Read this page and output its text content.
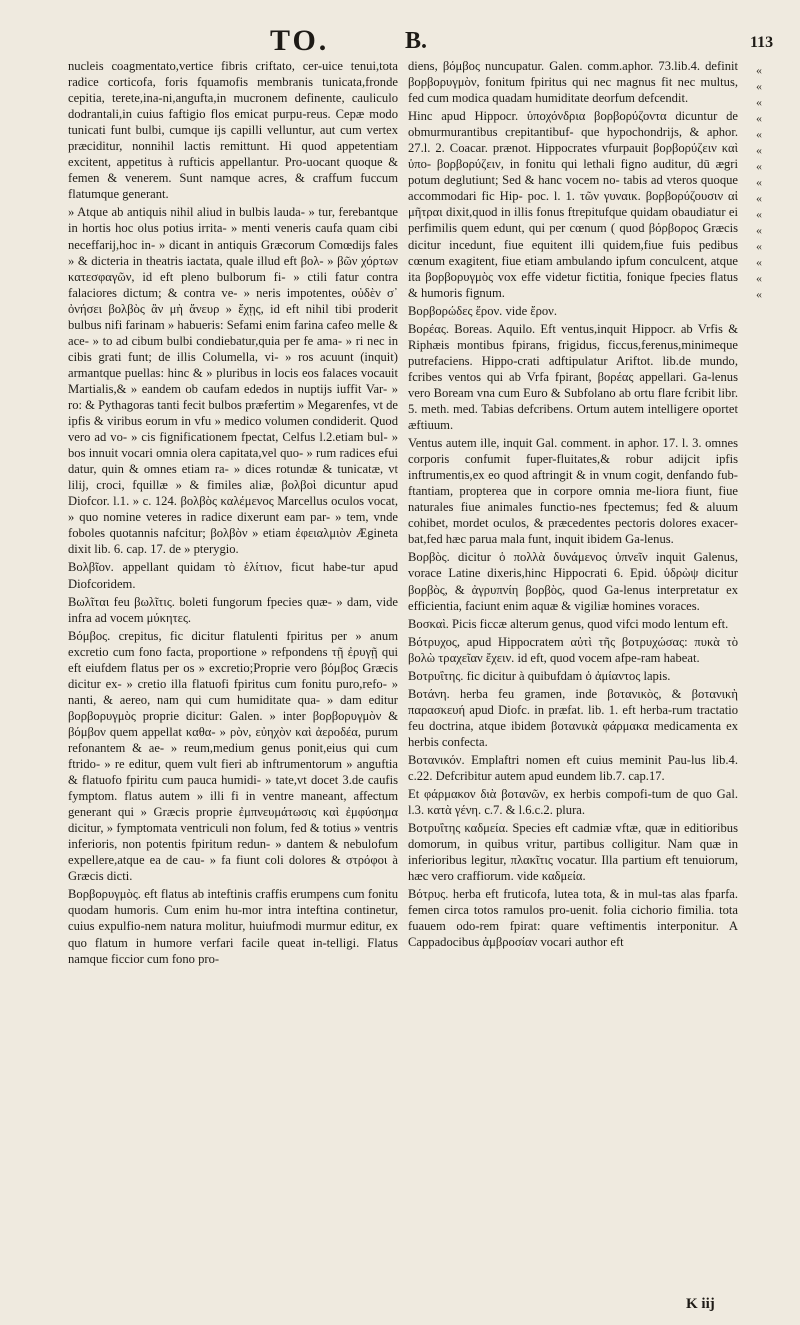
TO.	B.	113

nucleis coagmentato,vertice fibris criftato, cer-uice tenui,tota radice corticofa, foris fquamofis membranis tunicata,fronde cepitia, terete,ina-ni,angufta,in mucronem definente, cauliculo dodrantali,in cuius faftigio flos emicat purpu-reus. Cepæ modo tunicati funt bulbi, cumque ijs capilli velluntur, aut cum vertex præciditur, nonnihil lactis remittunt. Hi quod appetentiam excitent, appetitus à rufticis appellantur. Pro-uocant quoque & femen & venerem. Sunt namque acres, & craffum fuccum flatumque generant.

» Atque ab antiquis nihil aliud in bulbis lauda- » tur, ferebantque in hortis hoc olus potius irrita- » menti veneris caufa quam cibi neceffarij,hoc in- » dicant in antiquis Græcorum Comœdijs fales » & dicteria in theatris iactata, quale illud eft βολ- » βῶν χόρτων κατεσφαγῶν, id eft pleno bulborum fi- » ctili fatur contra falaciores dictum; & contra ve- » neris impotentes, οὐδὲν σ᾽ ὀνήσει βολβὸς ἂν μὴ ἄνευρ » ἔχῃς, id eft nihil tibi proderit bulbus nifi farinam » habueris: Sefami enim farina cafeo melle & ace- » to ad cibum bulbi condiebatur,quia per fe ama- » ri nec in cibis grati funt; de illis Columella, vi- » ros acuunt (inquit) armantque puellas: hinc & » pluribus in locis eos falaces vocauit Martialis,& » eandem ob caufam ededos in nuptijs iuffit Var- » ro: & Pythagoras tanti fecit bulbos præfertim » Megarenfes, vt de ipfis & viribus eorum in vfu » medico volumen condiderit. Quod vero ad vo- » cis fignificationem fpectat, Celfus l.2.etiam bul- » bos innuit vocari omnia olera capitata,vel quo- » rum radices efui datur, quin & omnes etiam ra- » dices rotundæ & tunicatæ, vt lilij, croci, fquillæ » & fimiles aliæ, βολβοὶ dicuntur apud Diofcor. l.1. » c. 124. βολβὸς καλέμενος Marcellus oculos vocat, » quo nomine veteres in radice dixerunt eam par- » tem, vnde foboles quotannis nafcitur; βολβὸν » etiam ἐφειαλμιὸν Ægineta dixit lib. 6. cap. 17. de » pterygio.

Βολβῖον. appellant quidam τὸ ἑλίτιον, ficut habe-tur apud Diofcoridem.

Βωλῖται feu βωλῖτις. boleti fungorum fpecies quæ- » dam, vide infra ad vocem μύκητες.

Βόμβος. crepitus, fic dicitur flatulenti fpiritus per » anum excretio cum fono facta, proportione » refpondens τῇ ἐρυγῇ qui eft eiufdem flatus per os » excretio;Proprie vero βόμβος Græcis dicitur ex- » cretio illa flatuofi fpiritus cum fonitu puro,refo- » nanti, & aereo, nam qui cum humiditate qua- » dam editur βορβορυγμὸς proprie dicitur: Galen. » inter βορβορυγμὸν & βόμβον quem appellat καθα- » ρὸν, εὐηχὸν καὶ ἀεροδέα, purum refonantem & ae- » reum,medium genus ponit,eius qui cum ftrido- » re editur, quem vult fieri ab inftrumentorum » anguftia & flatuofo fpiritu cum pauca humidi- » tate,vt docet 3.de caufis fymptom. flatus autem » illi fi in ventre maneant, affectum generant qui » Græcis proprie ἐμπνευμάτωσις καὶ ἐμφύσημα dicitur, » fymptomata ventriculi non folum, fed & totius » ventris inferioris, non potentis fpiritum redun- » dantem & nebulofum expellere,atque ea de cau- » fa fiunt coli dolores & στρόφοι à Græcis dicti.

Βορβορυγμὸς. eft flatus ab inteftinis craffis erumpens cum fonitu quodam humoris. Cum enim hu-mor intra inteftina continetur, cuius expulfio-nem natura molitur, huiufmodi murmur editur, ex quo flatum in humore verfari facile queat in-telligi. Flatus namque ficcior cum fono pro-

diens, βόμβος nuncupatur. Galen. comm.aphor. 73.lib.4. definit βορβορυγμὸν, fonitum fpiritus qui nec magnus fit nec multus, fed cum modica quadam humiditate deorfum defcendit.

Hinc apud Hippocr. ὑποχόνδρια βορβορύζοντα dicuntur de obmurmurantibus crepitantibuf- que hypochondrijs, & aphor. 27.l. 2. Coacar. prænot. Hippocrates vfurpauit βορβορύζειν καὶ ὑπο- βορβορύζειν, in fonitu qui lethali figno auditur, dū ægri potum deglutiunt; Sed & hanc vocem no- tabis ad vteros quoque accommodari fic Hip- poc. l. 1. τῶν γυναικ. βορβορύζουσιν αἱ μῆτραι dixit,quod in illis fonus ftrepitufque quidam obaudiatur ei perfimilis quem edunt, qui per cœnum ( quod βόρβορος Græcis dicitur incedunt, fiue equitent illi quidem,fiue fuis pedibus cœnum exagitent, fiue etiam ambulando ipfum conculcent, atque ita βορβορυγμὸς vox effe videtur fictitia, fonique fpecies flatus & humoris fignum.

Βορβορώδες ἔρον. vide ἔρον.

Βορέας. Boreas. Aquilo. Eft ventus,inquit Hippocr. ab Vrfis & Riphæis montibus fpirans, frigidus, ficcus,ferenus,minimeque putrefaciens. Hippo-crati adftipulatur Ariftot. lib.de mundo, fcribes ventos qui ab Vrfa fpirant, βορέας appellari. Ga-lenus vero Boream vna cum Euro & Subfolano ab ortu flare fcribit libr. 5. meth. med. Tabias defcribens. Ortum autem intelligere oportet æftiuum.

Ventus autem ille, inquit Gal. comment. in aphor. 17. l. 3. omnes corporis confumit fuper-fluitates,& robur adijcit ipfis inftrumentis,ex eo quod aftringit & in vnum cogit, denfando fub-ftantiam, propterea que in corpore omnia me-liora fiunt, fiue naturales fiue animales functio-nes fpectemus; fed & aluum cohibet, mordet oculos, & præcedentes pectoris dolores exacer-bat,fed hæc parua mala funt, inquit ibidem Ga-lenus.

Βορβὸς. dicitur ὁ πολλὰ δυνάμενος ὑπνεῖν inquit Galenus, vorace Latine dixeris,hinc Hippocrati 6. Epid. ὑδρὼψ dicitur βορβὸς, & ἀγρυπνίη βορβὸς, quod Ga-lenus interpretatur ex efficientia, faciunt enim aquæ & vigiliæ homines voraces.

Βοσκαὶ. Picis ficcæ alterum genus, quod vifci modo lentum eft.

Βότρυχος, apud Hippocratem αὐτὶ τῆς βοτρυχώσας: πυκὰ τὸ βολὼ τραχεῖαν ἔχειν. id eft, quod vocem afpe-ram habeat.

Βοτρυΐτης. fic dicitur à quibufdam ὁ ἀμίαντος lapis.

Βοτάνη. herba feu gramen, inde βοτανικὸς, & βοτανικὴ παρασκευή apud Diofc. in præfat. lib. 1. eft herba-rum tractatio feu doctrina, atque ibidem βοτανικὰ φάρμακα medicamenta ex herbis confecta.

Βοτανικόν. Emplaftri nomen eft cuius meminit Pau-lus lib.4. c.22. Defcribitur autem apud eundem lib.7. cap.17.

Et φάρμακον διὰ βοτανῶν, ex herbis compofi-tum de quo Gal. l.3. κατὰ γένη. c.7. & l.6.c.2. plura.

Βοτρυΐτης καδμεία. Species eft cadmiæ vftæ, quæ in editioribus domorum, in quibus vritur, partibus colligitur. Nam quæ in inferioribus legitur, πλακῖτις vocatur. Illa partium eft tenuiorum, hæc vero craffiorum. vide καδμεία.

Βότρυς. herba eft fruticofa, lutea tota, & in mul-tas alas fparfa. femen circa totos ramulos pro-uenit. folia cichorio fimilia. tota fuauem odo-rem fpirat: quare veftimentis interponitur. A Cappadocibus ἀμβροσίαν vocari author eft

«
«
«
«
«
«
«
«
«
«
«
«
«
«
«
K iij
